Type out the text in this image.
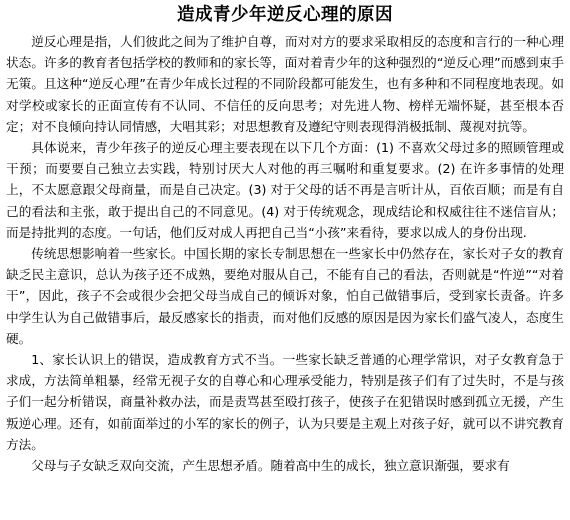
造成青少年逆反心理的原因

逆反心理是指，人们彼此之间为了维护自尊，而对对方的要求采取相反的态度和言行的一种心理状态。许多的教育者包括学校的教师和的家长等，面对着青少年的这种强烈的“逆反心理”而感到束手无策。且这种“逆反心理”在青少年成长过程的不同阶段都可能发生，也有多种和不同程度地表现。如对学校或家长的正面宣传有不认同、不信任的反向思考；对先进人物、榜样无端怀疑，甚至根本否定；对不良倾向持认同情感，大唱其彩；对思想教育及遵纪守则表现得消极抵制、蔑视对抗等。

具体说来，青少年孩子的逆反心理主要表现在以下几个方面：(1) 不喜欢父母过多的照顾管理或干预；而要要自己独立去实践，特别讨厌大人对他的再三嘱咐和重复要求。(2) 在许多事情的处理上，不太愿意跟父母商量，而是自己决定。(3) 对于父母的话不再是言听计从，百依百顺；而是有自己的看法和主张，敢于提出自己的不同意见。(4) 对于传统观念，现成结论和权威往往不迷信盲从；而是持批判的态度。一句话，他们反对成人再把自己当“小孩”来看待，要求以成人的身份出现.

传统思想影响着一些家长。中国长期的家长专制思想在一些家长中仍然存在，家长对子女的教育缺乏民主意识，总认为孩子还不成熟，要绝对服从自己，不能有自己的看法，否则就是“忤逆”“对着干”，因此，孩子不会或很少会把父母当成自己的倾诉对象，怕自己做错事后，受到家长责备。许多中学生认为自己做错事后，最反感家长的指责，而对他们反感的原因是因为家长们盛气凌人，态度生硬。

1、家长认识上的错误，造成教育方式不当。一些家长缺乏普通的心理学常识，对子女教育急于求成，方法简单粗暴，经常无视子女的自尊心和心理承受能力，特别是孩子们有了过失时，不是与孩子们一起分析错误，商量补救办法，而是责骂甚至殴打孩子，使孩子在犯错误时感到孤立无援，产生叛逆心理。还有，如前面举过的小军的家长的例子，认为只要是主观上对孩子好，就可以不讲究教育方法。

父母与子女缺乏双向交流，产生思想矛盾。随着高中生的成长，独立意识渐强，要求有
